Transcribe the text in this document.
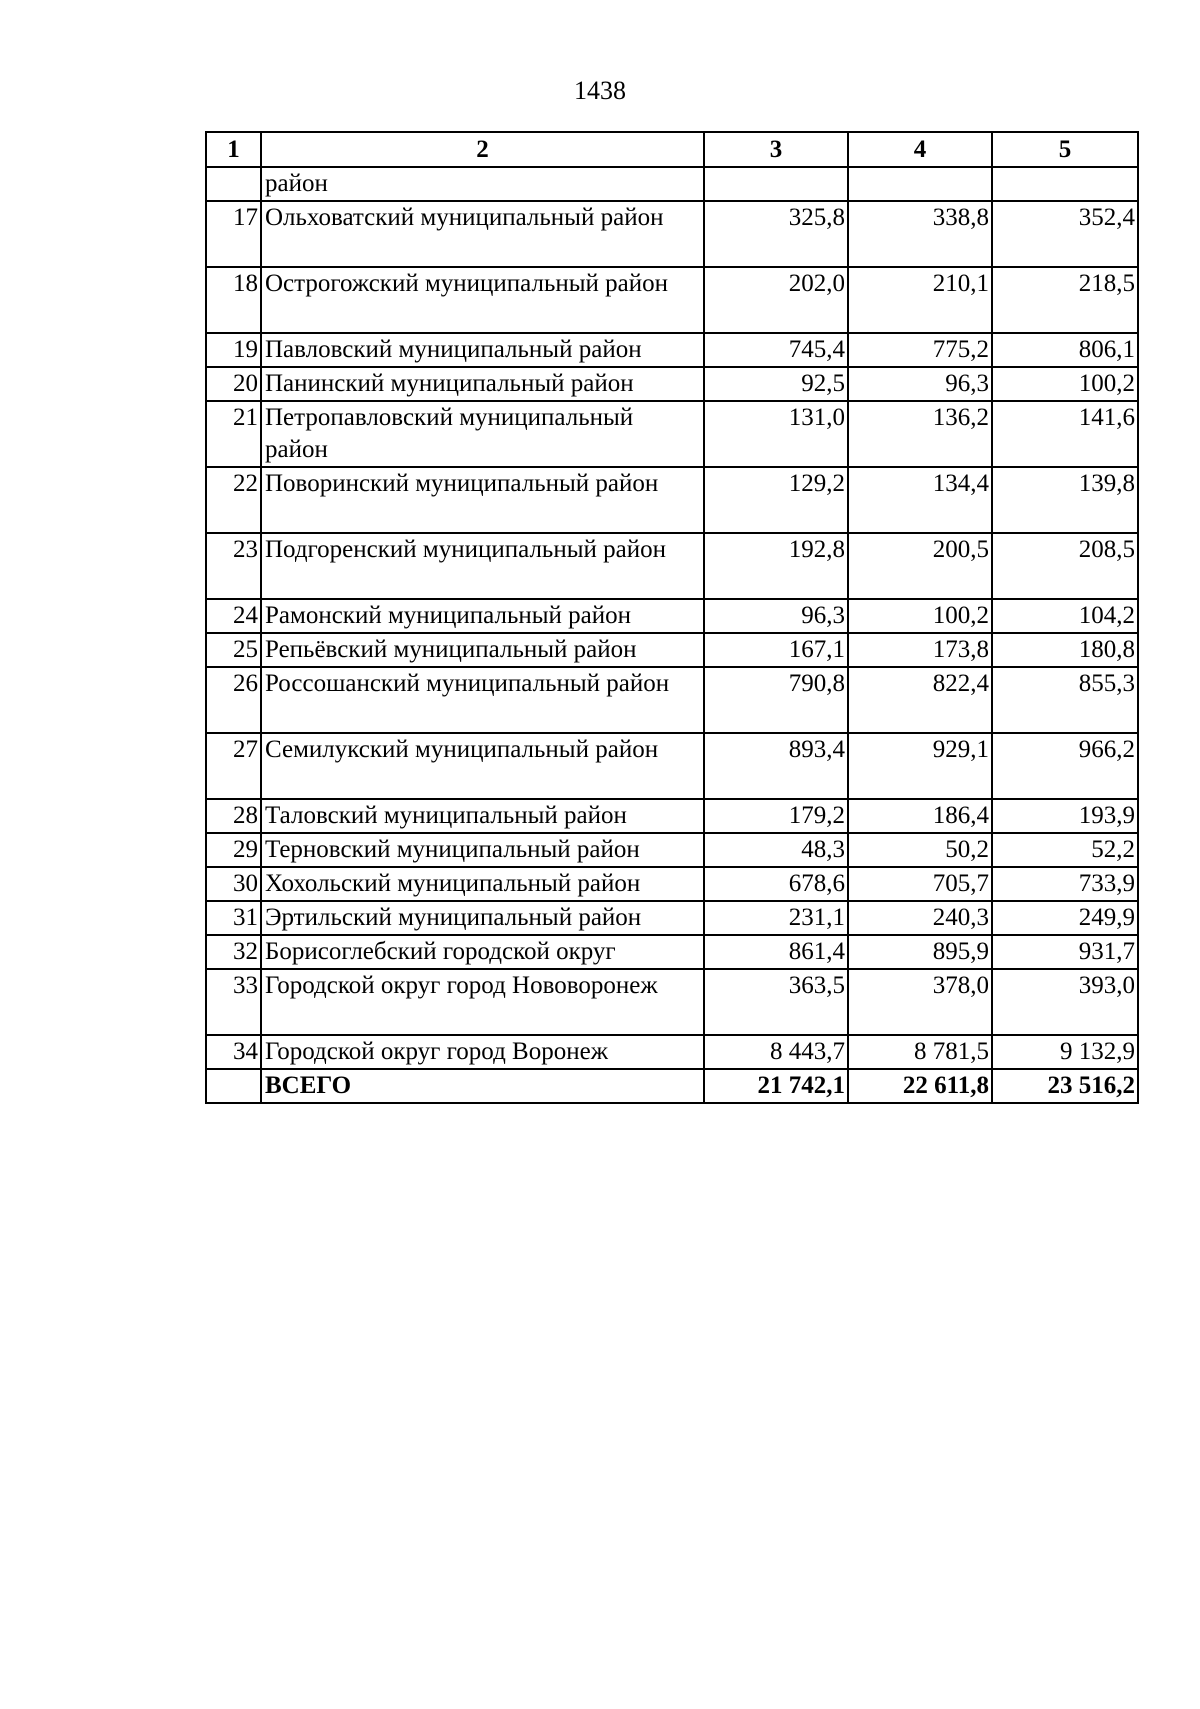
1438
1	2	3	4	5
	район			
17	Ольховатский муниципальный район	325,8	338,8	352,4
18	Острогожский муниципальный район	202,0	210,1	218,5
19	Павловский муниципальный район	745,4	775,2	806,1
20	Панинский муниципальный район	92,5	96,3	100,2
21	Петропавловский муниципальный район	131,0	136,2	141,6
22	Поворинский муниципальный район	129,2	134,4	139,8
23	Подгоренский муниципальный район	192,8	200,5	208,5
24	Рамонский муниципальный район	96,3	100,2	104,2
25	Репьёвский муниципальный район	167,1	173,8	180,8
26	Россошанский муниципальный район	790,8	822,4	855,3
27	Семилукский муниципальный район	893,4	929,1	966,2
28	Таловский муниципальный район	179,2	186,4	193,9
29	Терновский муниципальный район	48,3	50,2	52,2
30	Хохольский муниципальный район	678,6	705,7	733,9
31	Эртильский муниципальный район	231,1	240,3	249,9
32	Борисоглебский городской округ	861,4	895,9	931,7
33	Городской округ город Нововоронеж	363,5	378,0	393,0
34	Городской округ город Воронеж	8 443,7	8 781,5	9 132,9
	ВСЕГО	21 742,1	22 611,8	23 516,2
